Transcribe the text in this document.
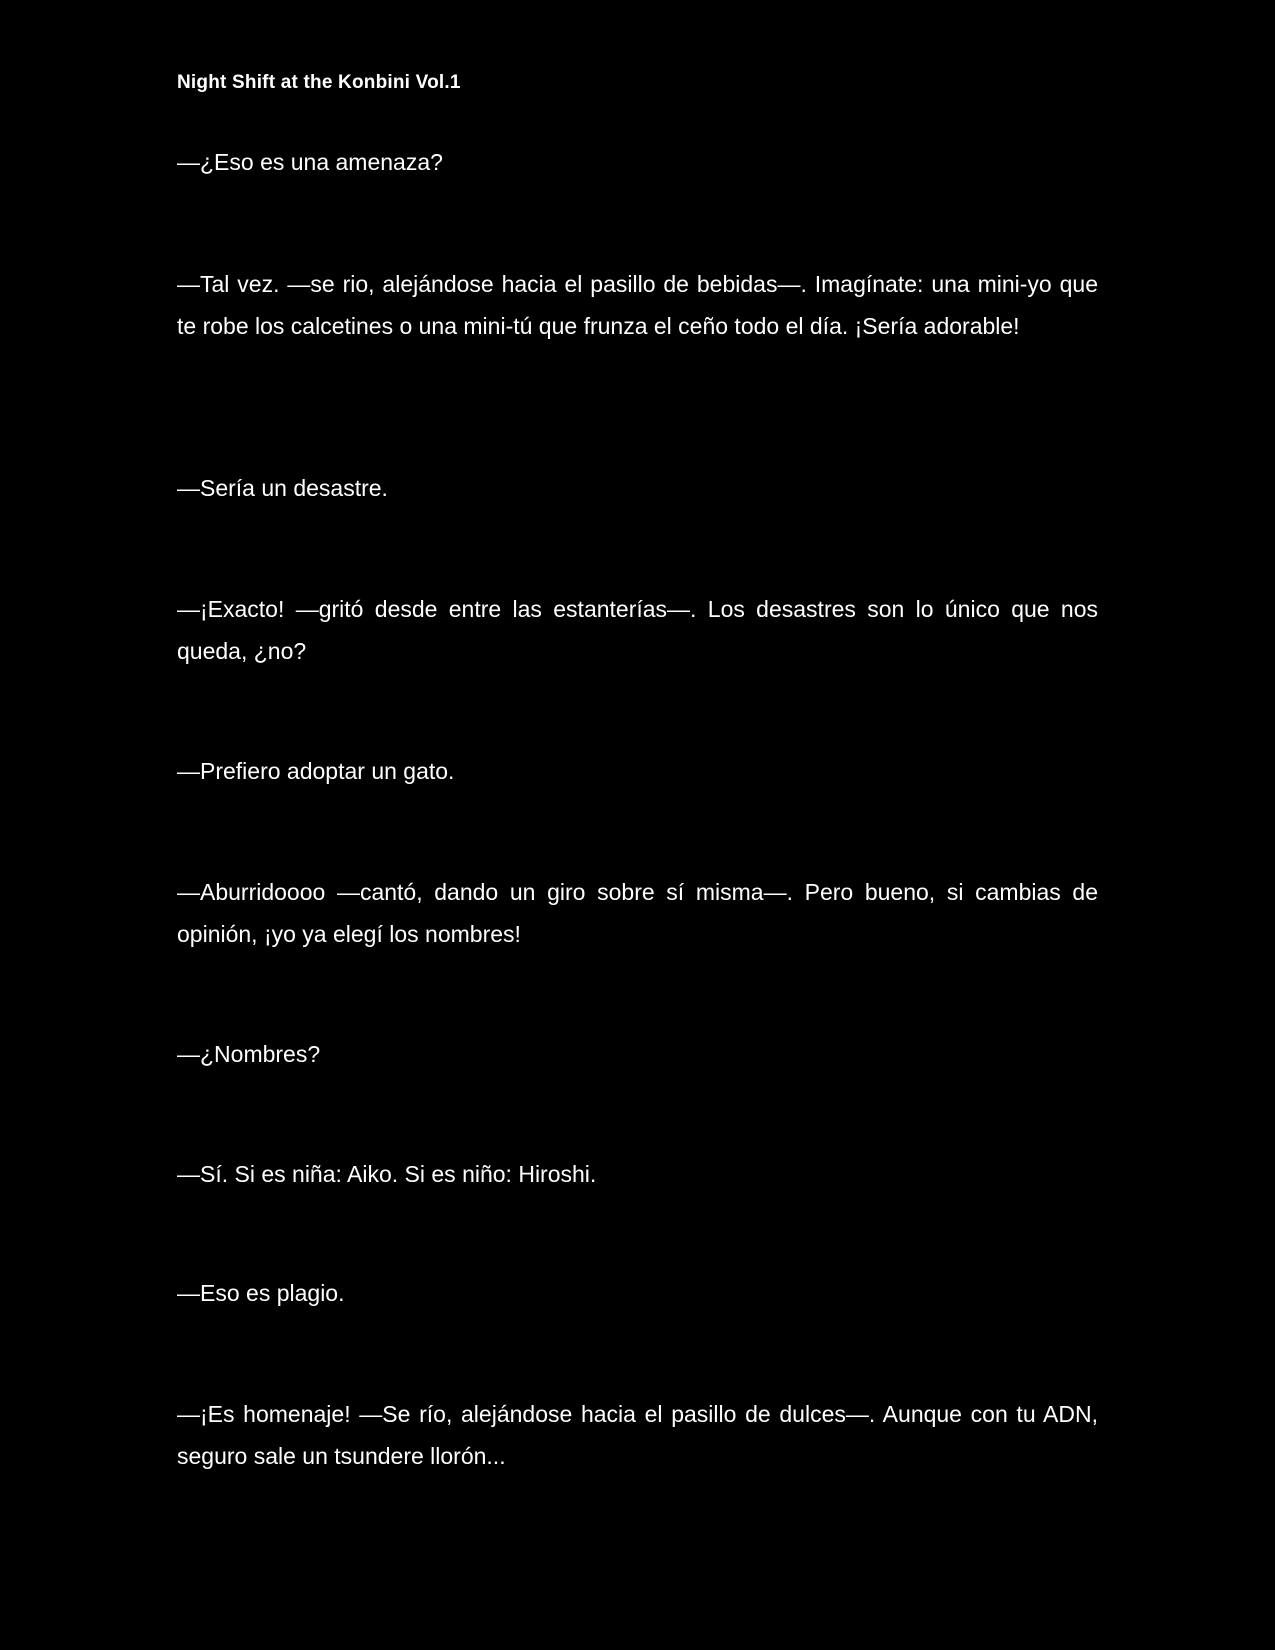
Night Shift at the Konbini Vol.1

—¿Eso es una amenaza?

—Tal vez. —se rio, alejándose hacia el pasillo de bebidas—. Imagínate: una mini-yo que te robe los calcetines o una mini-tú que frunza el ceño todo el día. ¡Sería adorable!

—Sería un desastre.

—¡Exacto! —gritó desde entre las estanterías—. Los desastres son lo único que nos queda, ¿no?

—Prefiero adoptar un gato.

—Aburridoooo —cantó, dando un giro sobre sí misma—. Pero bueno, si cambias de opinión, ¡yo ya elegí los nombres!

—¿Nombres?

—Sí. Si es niña: Aiko. Si es niño: Hiroshi.

—Eso es plagio.

—¡Es homenaje! —Se río, alejándose hacia el pasillo de dulces—. Aunque con tu ADN, seguro sale un tsundere llorón...
